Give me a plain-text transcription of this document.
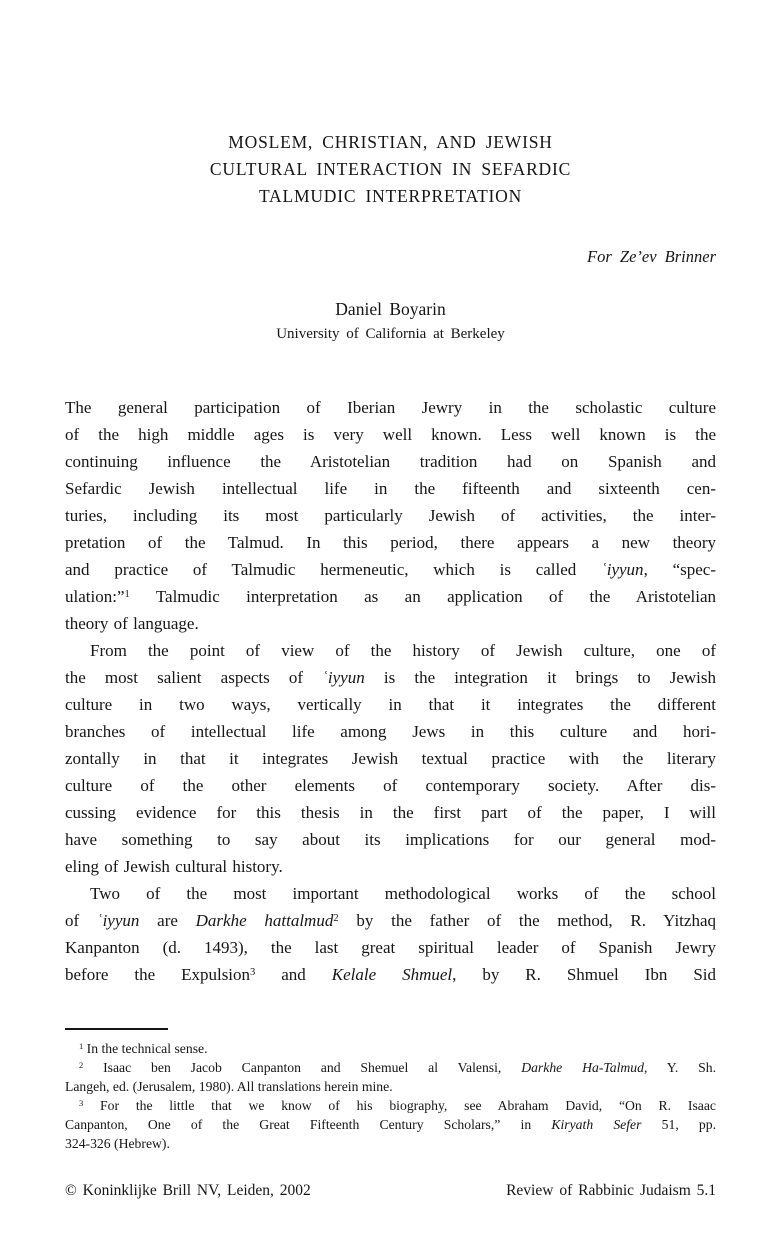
MOSLEM, CHRISTIAN, AND JEWISH
CULTURAL INTERACTION IN SEFARDIC
TALMUDIC INTERPRETATION
For Ze’ev Brinner
Daniel Boyarin
University of California at Berkeley
The general participation of Iberian Jewry in the scholastic culture
of the high middle ages is very well known. Less well known is the
continuing influence the Aristotelian tradition had on Spanish and
Sefardic Jewish intellectual life in the fifteenth and sixteenth cen-
turies, including its most particularly Jewish of activities, the inter-
pretation of the Talmud. In this period, there appears a new theory
and practice of Talmudic hermeneutic, which is called ʿiyyun, “spec-
ulation:”$^1$ Talmudic interpretation as an application of the Aristotelian
theory of language.
From the point of view of the history of Jewish culture, one of
the most salient aspects of ʿiyyun is the integration it brings to Jewish
culture in two ways, vertically in that it integrates the different
branches of intellectual life among Jews in this culture and hori-
zontally in that it integrates Jewish textual practice with the literary
culture of the other elements of contemporary society. After dis-
cussing evidence for this thesis in the first part of the paper, I will
have something to say about its implications for our general mod-
eling of Jewish cultural history.
Two of the most important methodological works of the school
of ʿiyyun are Darkhe hattalmud$^2$ by the father of the method, R. Yitzhaq
Kanpanton (d. 1493), the last great spiritual leader of Spanish Jewry
before the Expulsion$^3$ and Kelale Shmuel, by R. Shmuel Ibn Sid
$^1$ In the technical sense.
$^2$ Isaac ben Jacob Canpanton and Shemuel al Valensi, Darkhe Ha-Talmud, Y. Sh.
Langeh, ed. (Jerusalem, 1980). All translations herein mine.
$^3$ For the little that we know of his biography, see Abraham David, “On R. Isaac
Canpanton, One of the Great Fifteenth Century Scholars,” in Kiryath Sefer 51, pp.
324-326 (Hebrew).
© Koninklijke Brill NV, Leiden, 2002	Review of Rabbinic Judaism 5.1
